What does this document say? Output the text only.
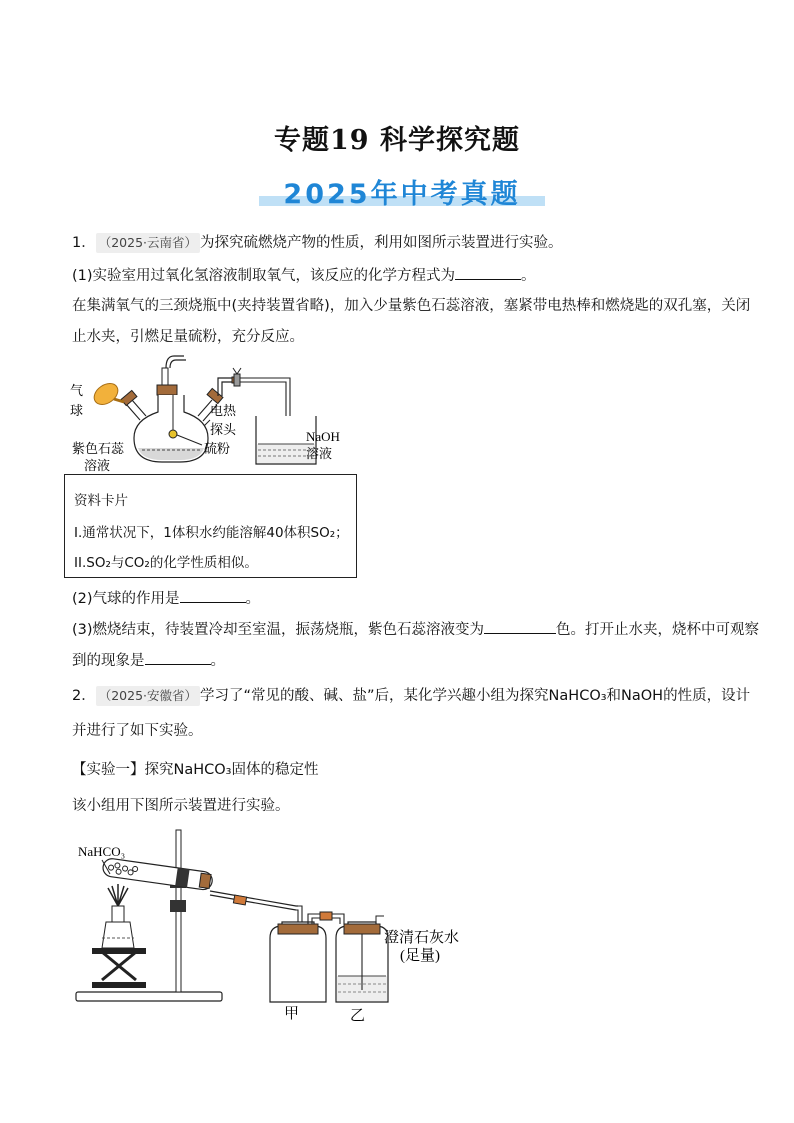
专题19 科学探究题
2025年中考真题
1． （2025·云南省） 为探究硫燃烧产物的性质，利用如图所示装置进行实验。
(1)实验室用过氧化氢溶液制取氧气，该反应的化学方程式为	。
在集满氧气的三颈烧瓶中(夹持装置省略)，加入少量紫色石蕊溶液，塞紧带电热棒和燃烧匙的双孔塞，关闭
止水夹，引燃足量硫粉，充分反应。
气
球	电热
探头
硫粉
紫色石蕊
溶液
NaOH
溶液
资料卡片
I.通常状况下，1体积水约能溶解40体积SO₂；
II.SO₂与CO₂的化学性质相似。
(2)气球的作用是	。
(3)燃烧结束，待装置冷却至室温，振荡烧瓶，紫色石蕊溶液变为	色。打开止水夹，烧杯中可观察
到的现象是	。
2． （2025·安徽省） 学习了“常见的酸、碱、盐”后，某化学兴趣小组为探究NaHCO₃和NaOH的性质，设计
并进行了如下实验。
【实验一】探究NaHCO₃固体的稳定性
该小组用下图所示装置进行实验。
NaHCO₃
澄清石灰水
(足量)
甲	乙
